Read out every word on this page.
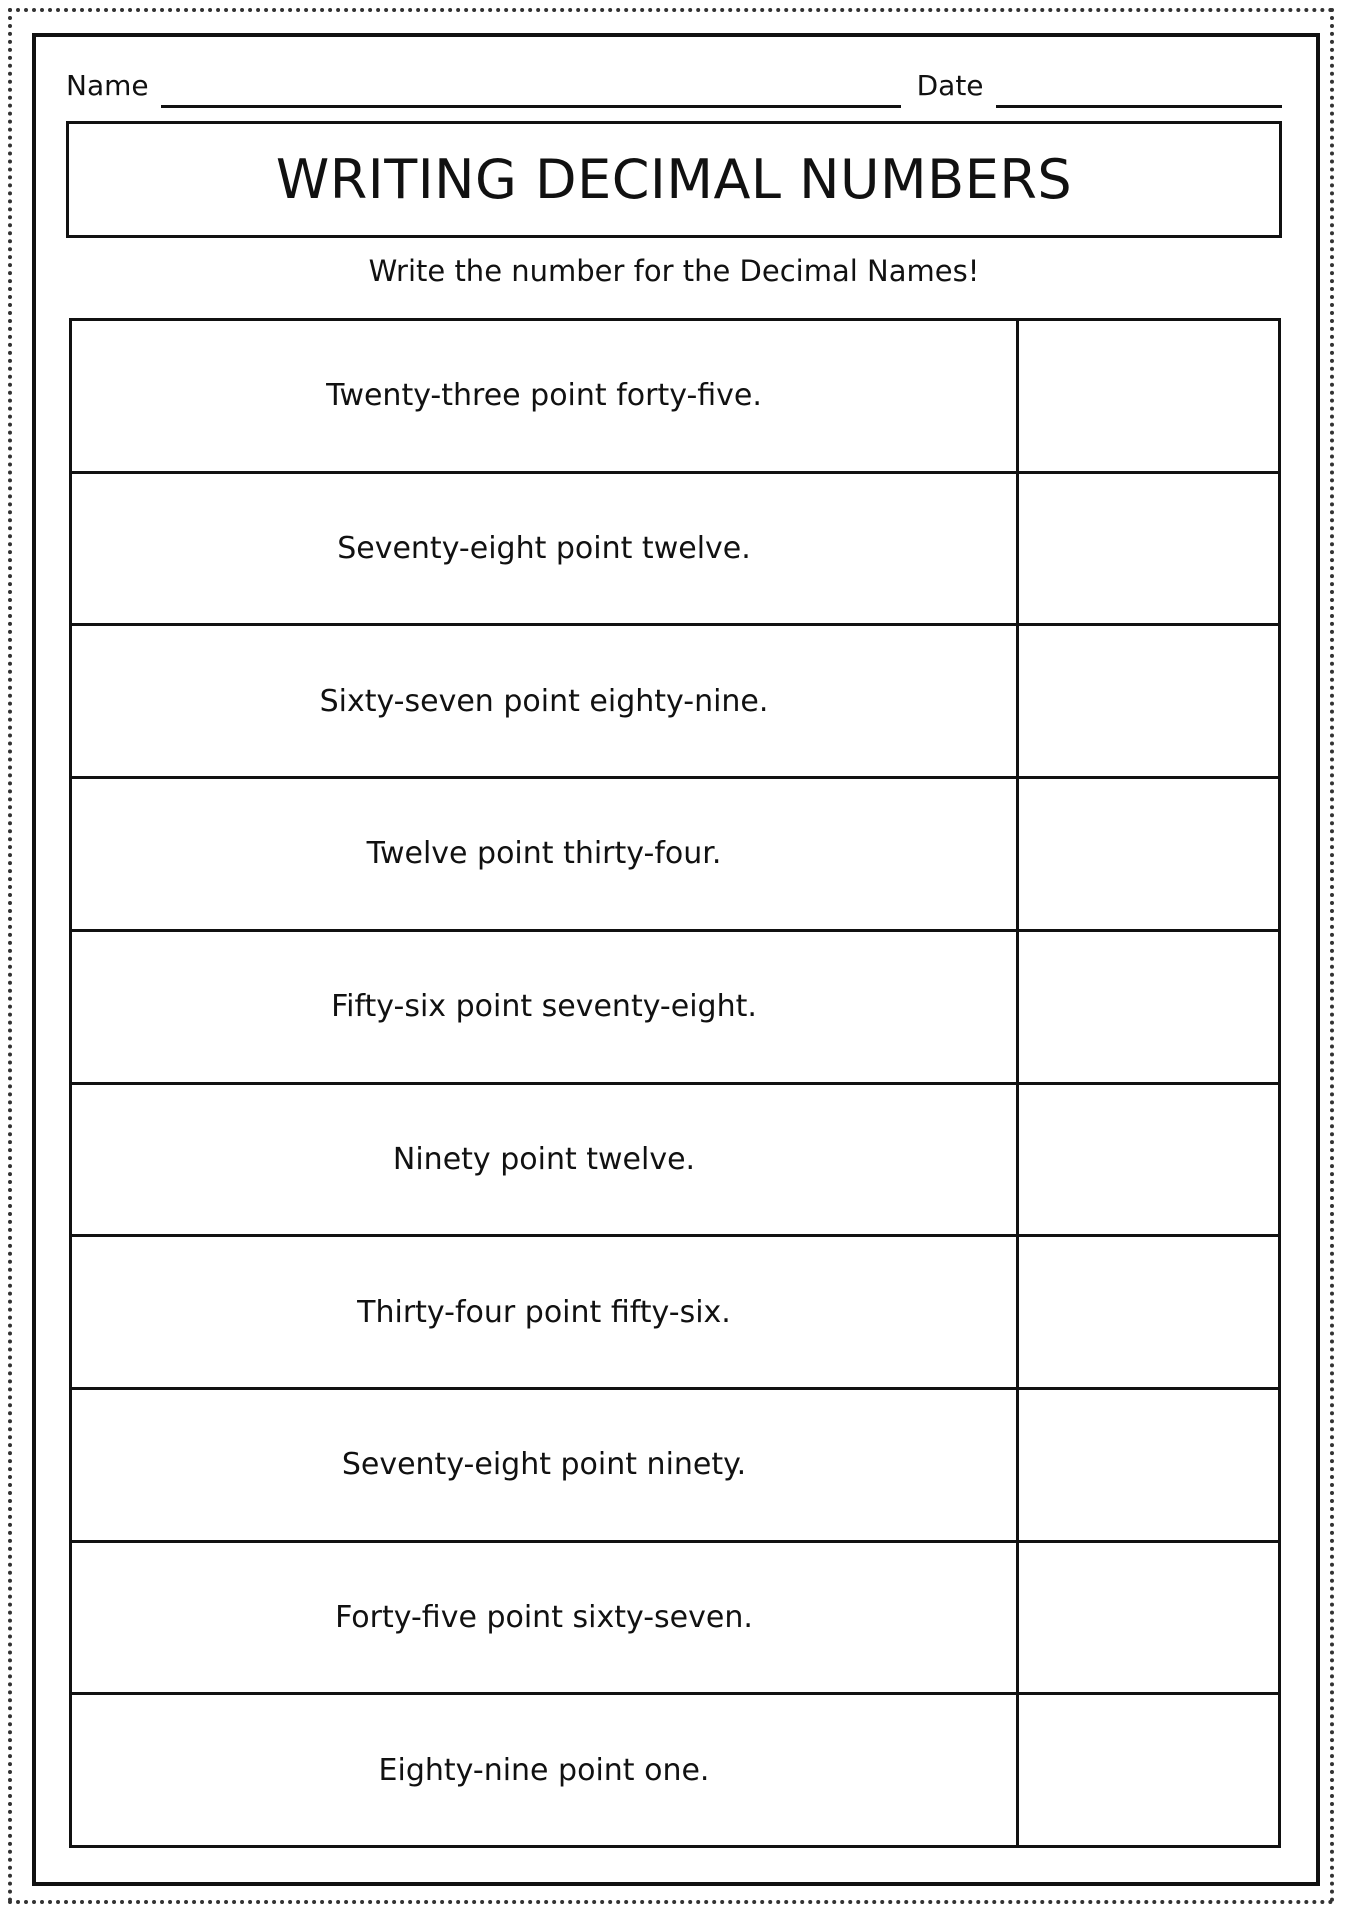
Name	Date
WRITING DECIMAL NUMBERS
Write the number for the Decimal Names!
Twenty-three point forty-five.
Seventy-eight point twelve.
Sixty-seven point eighty-nine.
Twelve point thirty-four.
Fifty-six point seventy-eight.
Ninety point twelve.
Thirty-four point fifty-six.
Seventy-eight point ninety.
Forty-five point sixty-seven.
Eighty-nine point one.
